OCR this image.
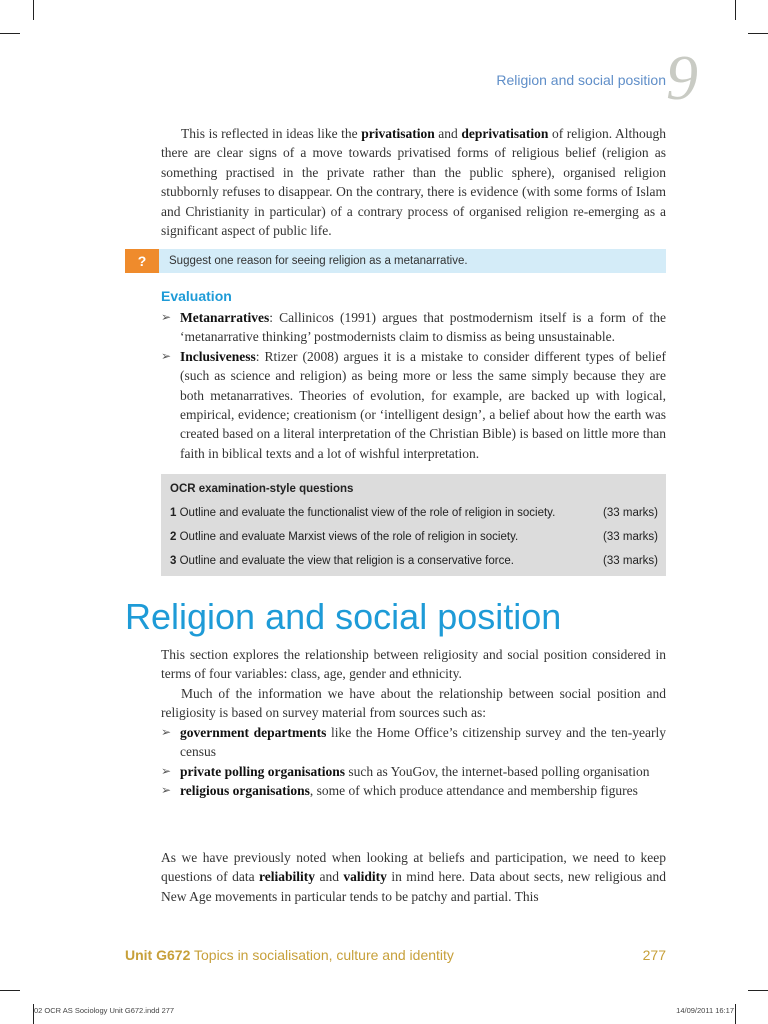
Religion and social position 9

This is reflected in ideas like the privatisation and deprivatisation of religion. Although there are clear signs of a move towards privatised forms of religious belief (religion as something practised in the private rather than the public sphere), organised religion stubbornly refuses to disappear. On the contrary, there is evidence (with some forms of Islam and Christianity in particular) of a contrary process of organised religion re-emerging as a significant aspect of public life.

?	Suggest one reason for seeing religion as a metanarrative.
Evaluation
➢ Metanarratives: Callinicos (1991) argues that postmodernism itself is a form of the ‘metanarrative thinking’ postmodernists claim to dismiss as being unsustainable.
➢ Inclusiveness: Rtizer (2008) argues it is a mistake to consider different types of belief (such as science and religion) as being more or less the same simply because they are both metanarratives. Theories of evolution, for example, are backed up with logical, empirical, evidence; creationism (or ‘intelligent design’, a belief about how the earth was created based on a literal interpretation of the Christian Bible) is based on little more than faith in biblical texts and a lot of wishful interpretation.
OCR examination-style questions
1 Outline and evaluate the functionalist view of the role of religion in society.	(33 marks)
2 Outline and evaluate Marxist views of the role of religion in society.	(33 marks)
3 Outline and evaluate the view that religion is a conservative force.	(33 marks)
Religion and social position

This section explores the relationship between religiosity and social position considered in terms of four variables: class, age, gender and ethnicity.

Much of the information we have about the relationship between social position and religiosity is based on survey material from sources such as:

➢ government departments like the Home Office’s citizenship survey and the ten-yearly census
➢ private polling organisations such as YouGov, the internet-based polling organisation
➢ religious organisations, some of which produce attendance and membership figures

As we have previously noted when looking at beliefs and participation, we need to keep questions of data reliability and validity in mind here. Data about sects, new religious and New Age movements in particular tends to be patchy and partial. This

Unit G672 Topics in socialisation, culture and identity	277
02 OCR AS Sociology Unit G672.indd 277	14/09/2011 16:17
